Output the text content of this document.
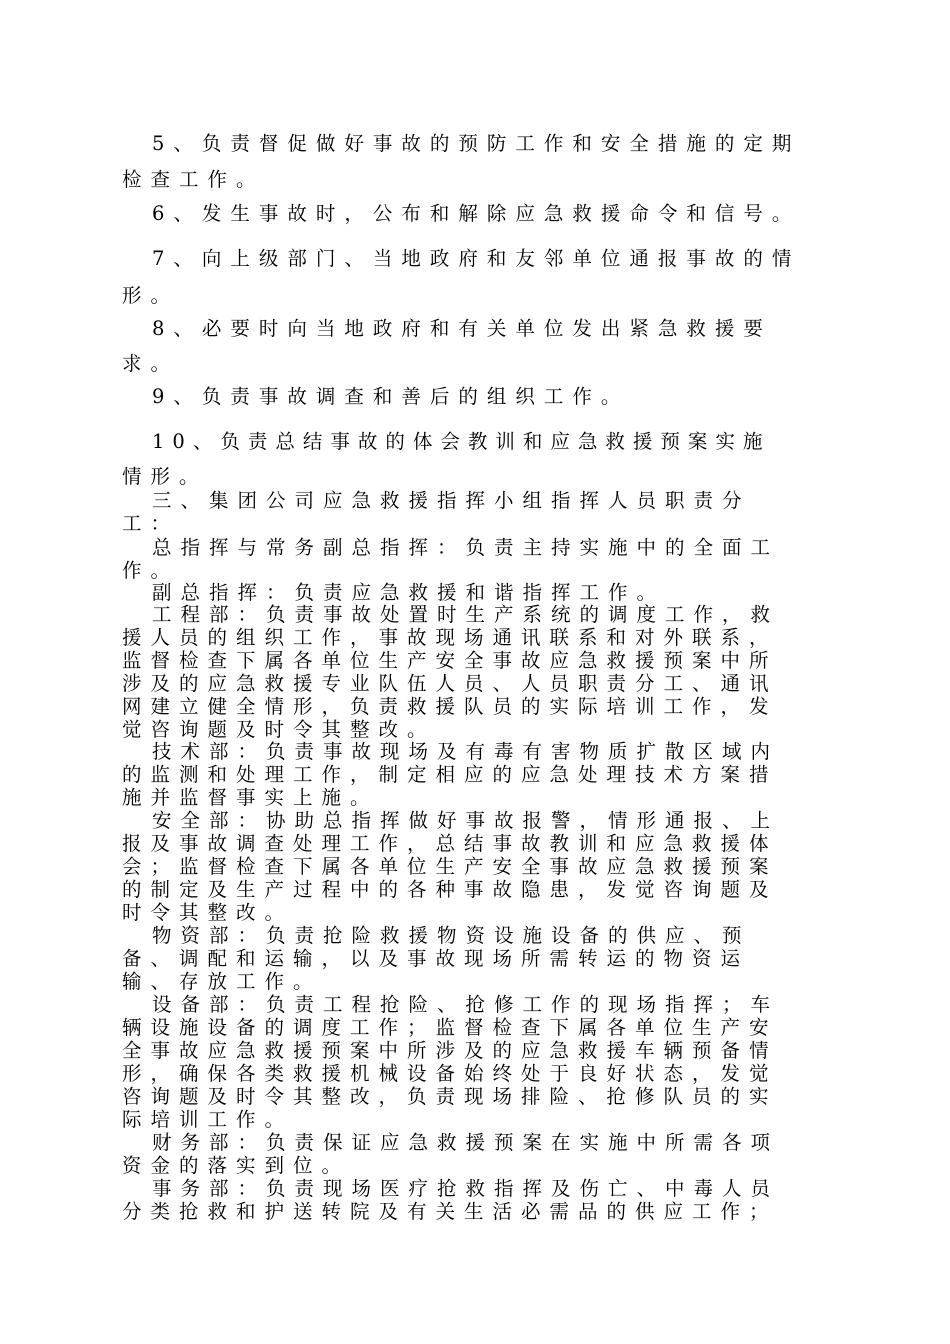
5、负责督促做好事故的预防工作和安全措施的定期
检查工作。
6、发生事故时，公布和解除应急救援命令和信号。
7、向上级部门、当地政府和友邻单位通报事故的情
形。
8、必要时向当地政府和有关单位发出紧急救援要
求。
9、负责事故调查和善后的组织工作。
10、负责总结事故的体会教训和应急救援预案实施
情形。
三、集团公司应急救援指挥小组指挥人员职责分
工：
总指挥与常务副总指挥：负责主持实施中的全面工
作。
副总指挥：负责应急救援和谐指挥工作。
工程部：负责事故处置时生产系统的调度工作，救
援人员的组织工作，事故现场通讯联系和对外联系，
监督检查下属各单位生产安全事故应急救援预案中所
涉及的应急救援专业队伍人员、人员职责分工、通讯
网建立健全情形，负责救援队员的实际培训工作，发
觉咨询题及时令其整改。
技术部：负责事故现场及有毒有害物质扩散区域内
的监测和处理工作，制定相应的应急处理技术方案措
施并监督事实上施。
安全部：协助总指挥做好事故报警，情形通报、上
报及事故调查处理工作，总结事故教训和应急救援体
会；监督检查下属各单位生产安全事故应急救援预案
的制定及生产过程中的各种事故隐患，发觉咨询题及
时令其整改。
物资部：负责抢险救援物资设施设备的供应、预
备、调配和运输，以及事故现场所需转运的物资运
输、存放工作。
设备部：负责工程抢险、抢修工作的现场指挥；车
辆设施设备的调度工作；监督检查下属各单位生产安
全事故应急救援预案中所涉及的应急救援车辆预备情
形，确保各类救援机械设备始终处于良好状态，发觉
咨询题及时令其整改，负责现场排险、抢修队员的实
际培训工作。
财务部：负责保证应急救援预案在实施中所需各项
资金的落实到位。
事务部：负责现场医疗抢救指挥及伤亡、中毒人员
分类抢救和护送转院及有关生活必需品的供应工作；
